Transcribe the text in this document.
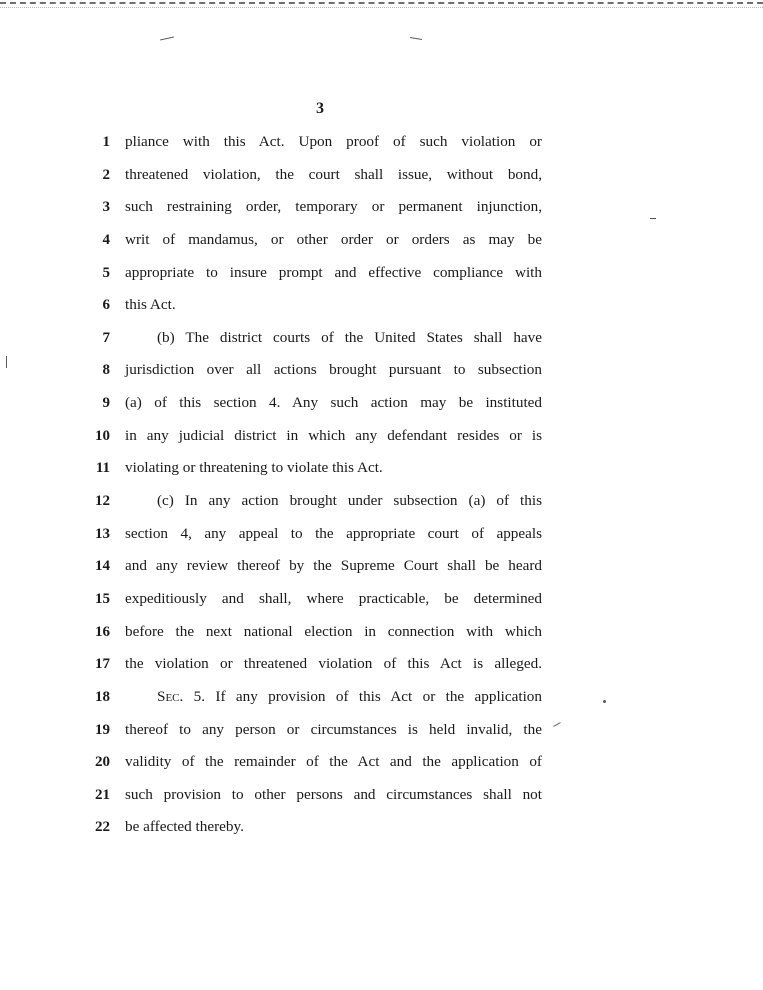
3
1 pliance with this Act. Upon proof of such violation or
2 threatened violation, the court shall issue, without bond,
3 such restraining order, temporary or permanent injunction,
4 writ of mandamus, or other order or orders as may be
5 appropriate to insure prompt and effective compliance with
6 this Act.
7	(b) The district courts of the United States shall have
8 jurisdiction over all actions brought pursuant to subsection
9 (a) of this section 4. Any such action may be instituted
10 in any judicial district in which any defendant resides or is
11 violating or threatening to violate this Act.
12	(c) In any action brought under subsection (a) of this
13 section 4, any appeal to the appropriate court of appeals
14 and any review thereof by the Supreme Court shall be heard
15 expeditiously and shall, where practicable, be determined
16 before the next national election in connection with which
17 the violation or threatened violation of this Act is alleged.
18	Sec. 5. If any provision of this Act or the application
19 thereof to any person or circumstances is held invalid, the
20 validity of the remainder of the Act and the application of
21 such provision to other persons and circumstances shall not
22 be affected thereby.
